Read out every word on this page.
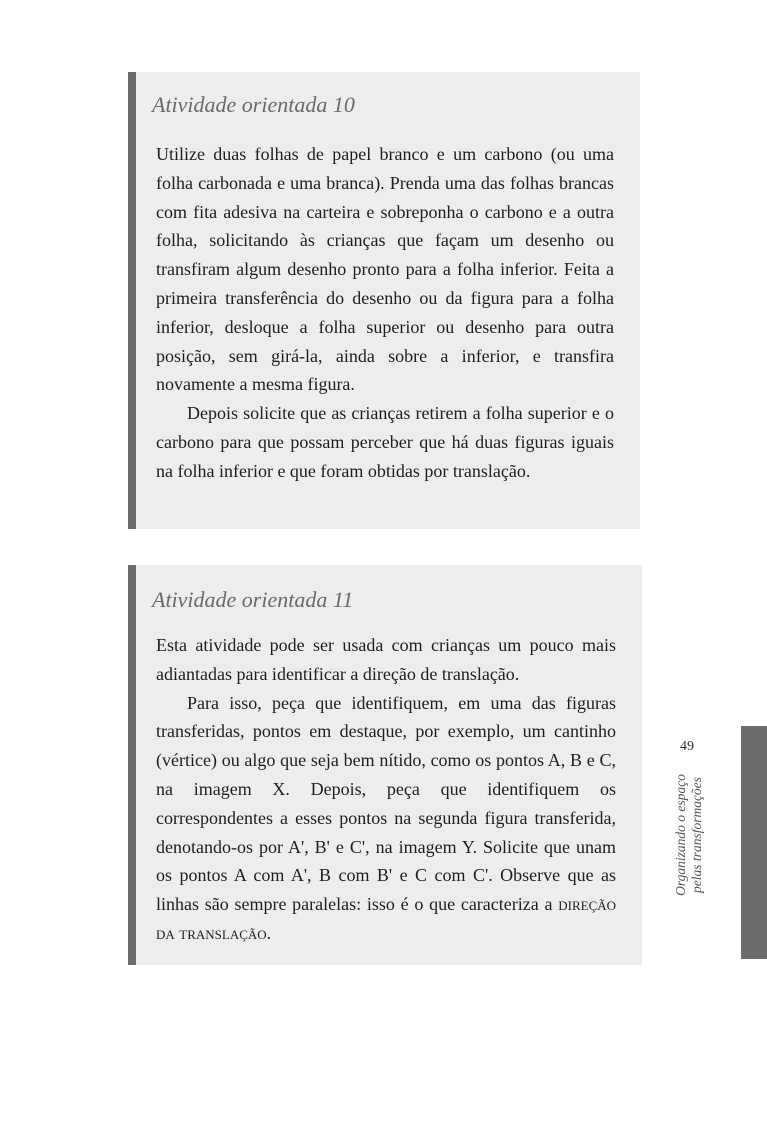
Atividade orientada 10

Utilize duas folhas de papel branco e um carbono (ou uma folha carbonada e uma branca). Prenda uma das folhas brancas com fita adesiva na carteira e sobreponha o carbono e a outra folha, solicitando às crianças que façam um desenho ou transfiram algum desenho pronto para a folha inferior. Feita a primeira transferência do desenho ou da figura para a folha inferior, desloque a folha superior ou desenho para outra posição, sem girá-la, ainda sobre a inferior, e transfira novamente a mesma figura.

Depois solicite que as crianças retirem a folha superior e o carbono para que possam perceber que há duas figuras iguais na folha inferior e que foram obtidas por translação.

Atividade orientada 11

Esta atividade pode ser usada com crianças um pouco mais adiantadas para identificar a direção de translação.

Para isso, peça que identifiquem, em uma das figuras transferidas, pontos em destaque, por exemplo, um cantinho (vértice) ou algo que seja bem nítido, como os pontos A, B e C, na imagem X. Depois, peça que identifiquem os correspondentes a esses pontos na segunda figura transferida, denotando-os por A', B' e C', na imagem Y. Solicite que unam os pontos A com A', B com B' e C com C'. Observe que as linhas são sempre paralelas: isso é o que caracteriza a direção da translação.

49
Organizando o espaço pelas transformações
